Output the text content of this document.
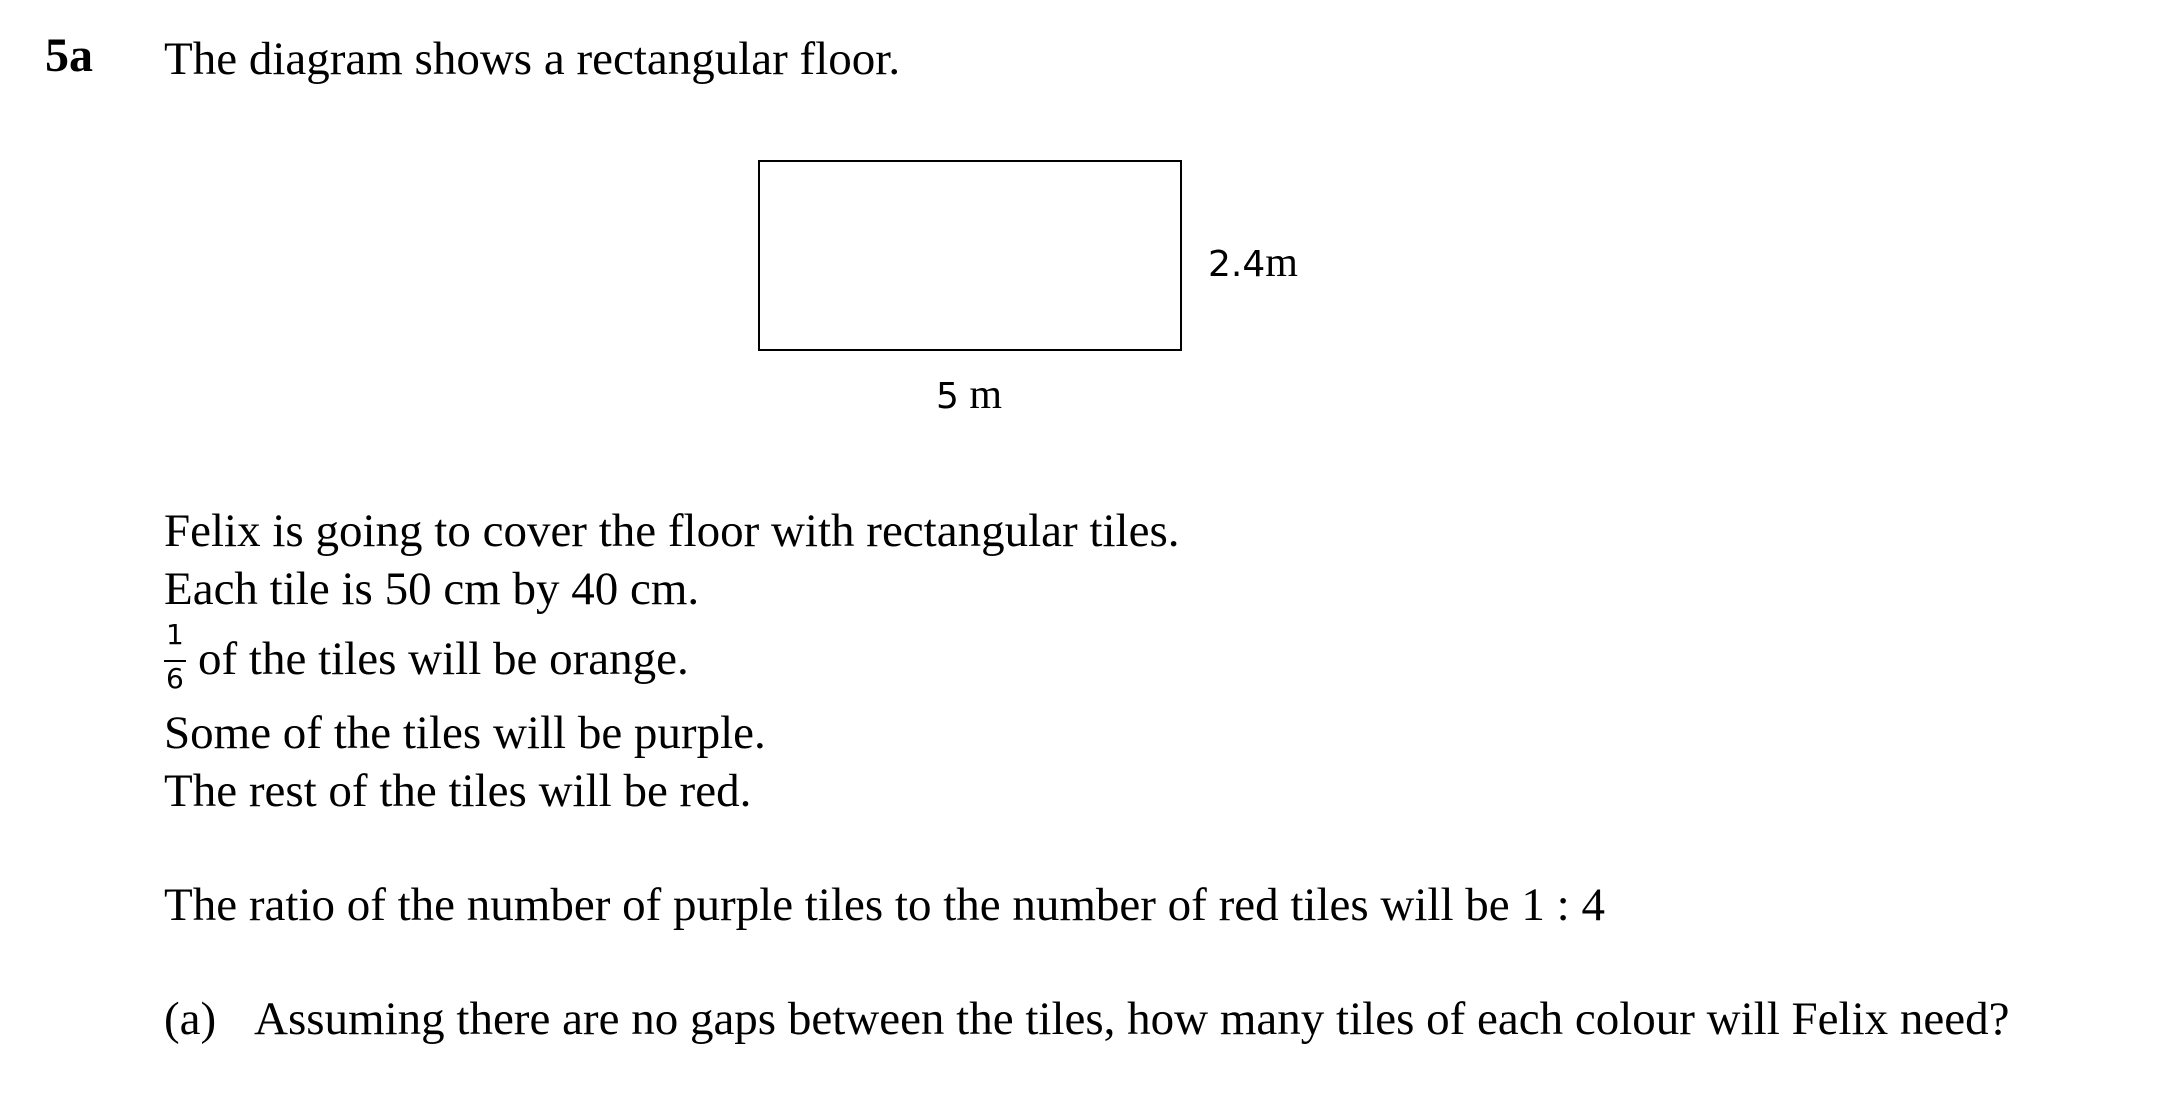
5a The diagram shows a rectangular floor.
2.4m
5 m
Felix is going to cover the floor with rectangular tiles.
Each tile is 50 cm by 40 cm.
1
6 of the tiles will be orange.
Some of the tiles will be purple.
The rest of the tiles will be red.
The ratio of the number of purple tiles to the number of red tiles will be 1 : 4
(a) Assuming there are no gaps between the tiles, how many tiles of each colour will Felix need?
